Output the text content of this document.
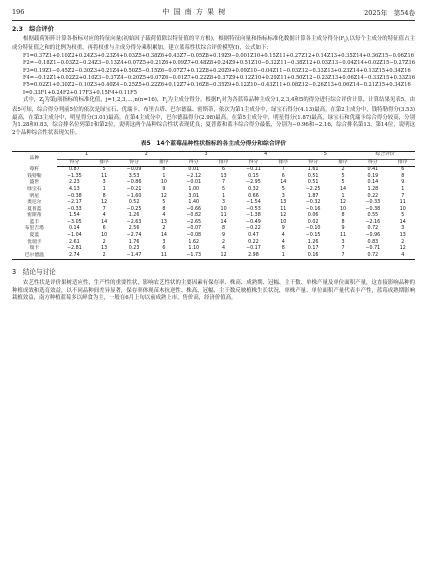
196	中 国 南 方 果 树	2025年　第54卷
2.3　综合评价

根据载荷矩阵计算各指标对应的特征向量(初始因子载荷值除以特征值的平方根)，根据特征向量和指标标准化数据计算各主成分得分$(F_i)$,以每个主成分的特征值占主成分特征值之和的比例为权重，再将权重与主成分得分乘积累加，建立蓝莓性状综合评价模型(Ⅰ)，公式如下：

F1=0.37Z1+0.10Z2+0.24Z3+0.23Z4+0.03Z5+0.38Z6+0.43Z7−0.05Z8+0.19Z9−0.001Z10+0.15Z11+0.27Z12+0.14Z13+0.35Z14+0.36Z15−0.06Z16

F2=−0.18Z1−0.03Z2−0.24Z3−0.13Z4+0.07Z5+0.21Z6+0.09Z7+0.48Z8+0.24Z9+0.51Z10−0.32Z11−0.38Z12+0.03Z13−0.04Z14+0.02Z15−0.27Z16

F3=0.19Z1−0.45Z2−0.30Z3+0.21Z4+0.50Z5−0.15Z6−0.07Z7+0.12Z8+0.20Z9+0.09Z10−0.04Z11−0.03Z12−0.33Z13+0.23Z14+0.13Z15+0.34Z16

F4=−0.12Z1+0.02Z2+0.10Z3−0.37Z4−0.20Z5+0.07Z6−0.01Z7+0.22Z8+0.37Z9+0.12Z10+0.29Z11+0.50Z12−0.23Z13+0.06Z14−0.33Z15+0.33Z16

F5=0.02Z1+0.30Z2−0.10Z3+0.40Z4−0.25Z5+0.22Z6+0.12Z7+0.16Z8−0.35Z9+0.12Z10−0.43Z11+0.08Z12−0.26Z13+0.06Z14−0.21Z15+0.34Z16

Ⅰ=0.33F1+0.24F2+0.17F3+0.15F4+0.11F5

式中，$Z_j$为第j项指标的标准化值，j=1,2,3,…,n(n=16)，$F_i$为主成分得分。根据$F_i$对为各蓝莓品种主成分1,2,3,4和5的得分进行综合评价计算，计算结果见表5，由表5可知，综合得分判前5位的依次是绿宝石、优瑞卡、布里吉塔、巴尔德温、密斯蒂，依次为第1主成分中，绿宝石得分(4.13)最高，在第2主成分中，钱特勒得分(3.53)最高，在第3主成分中，明星得分(3.01)最高，在第4主成分中，巴尔德温得分(2.98)最高，在第5主成分中，明星得分(1.87)最高，绿宝石和优瑞卡综合得分较高，分别为1.28和0.83，综合排名位列第1和第2位，说明这两个品种综合性状表现优良；夏普蓝和蓝丰综合得分最低，分别为−0.96和−2.16，综合排名第13、第14位，说明这2个品种综合性状表现欠佳。

表5　14个蓝莓品种性状指标的各主成分得分和综合评价
品种	1		2		3		4		5		综合评价	
	得分	排序	得分	排序	得分	排序	得分	排序	得分	排序	得分	排序
莓籽	0.87	5	−0.09	8	0.01	6	−0.11	7	1.61	2	0.41	6
钱特勒	−1.35	11	3.53	1	−2.12	13	0.15	6	0.51	5	0.19	8
盛世	2.23	3	−0.86	10	−0.01	7	−2.95	14	0.51	5	0.14	9
绿宝石	4.13	1	−0.21	9	1.00	5	0.32	5	−2.25	14	1.28	1
明星	−0.38	8	−1.60	12	3.01	1	0.66	3	1.87	1	0.22	7
奥尼尔	−2.17	12	0.52	5	1.40	3	−1.54	13	−0.32	12	−0.33	11
夏普蓝	−0.33	7	−0.25	8	−0.66	10	−0.53	11	−0.16	10	−0.38	10
密斯蒂	1.54	4	1.26	4	−0.82	11	−1.38	12	0.06	8	0.55	5
蓝丰	−3.05	14	−2.63	13	−2.65	14	−0.49	10	0.02	8	−2.16	14
布里吉塔	0.14	6	2.56	2	−0.07	8	−0.22	9	−0.10	9	0.72	3
夏蓝	−1.04	10	−2.74	14	−0.08	9	0.47	4	−0.15	11	−0.96	13
优瑞卡	2.61	2	1.76	3	1.62	2	0.22	4	1.26	3	0.83	2
瑞卡	−2.81	13	0.23	6	1.10	4	−0.17	8	0.17	7	−0.71	12
巴尔德温	2.74	2	−1.47	11	−1.73	12	2.98	1	0.16	7	0.72	4
3　结论与讨论

农艺性状是评价果树适应性、生产性的重要性状，影响农艺性状的主要因素有保存率、株高、成熟期、冠幅、主干数、单株产量及单位面积产量，这直接影响品种的种植成效和选育效益，以不同品种间差异显著，保存率体现苗木抗逆性、株高、冠幅、主干数反映植株生长状况，单株产量、单位面积产量代表丰产性，蓝莓成熟期影响栽植效益，南方种植蓝莓多以鲜食为主，一般在6月上旬以前成熟上市，售价高，经济价值高。
